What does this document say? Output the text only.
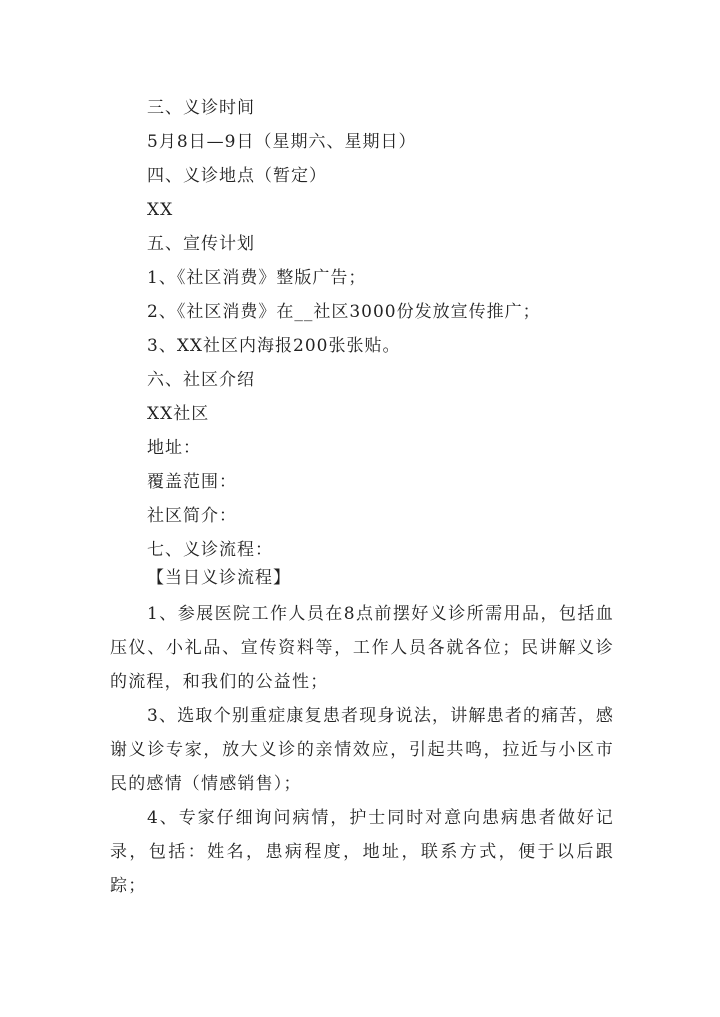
三、义诊时间
5月8日—9日（星期六、星期日）
四、义诊地点（暂定）
XX
五、宣传计划
1、《社区消费》整版广告；
2、《社区消费》在__社区3000份发放宣传推广；
3、XX社区内海报200张张贴。
六、社区介绍
XX社区
地址：
覆盖范围：
社区简介：
七、义诊流程：
【当日义诊流程】
1、参展医院工作人员在8点前摆好义诊所需用品，包括血压仪、小礼品、宣传资料等，工作人员各就各位；民讲解义诊的流程，和我们的公益性；
3、选取个别重症康复患者现身说法，讲解患者的痛苦，感谢义诊专家，放大义诊的亲情效应，引起共鸣，拉近与小区市民的感情（情感销售）；
4、专家仔细询问病情，护士同时对意向患病患者做好记录，包括：姓名，患病程度，地址，联系方式，便于以后跟踪；
